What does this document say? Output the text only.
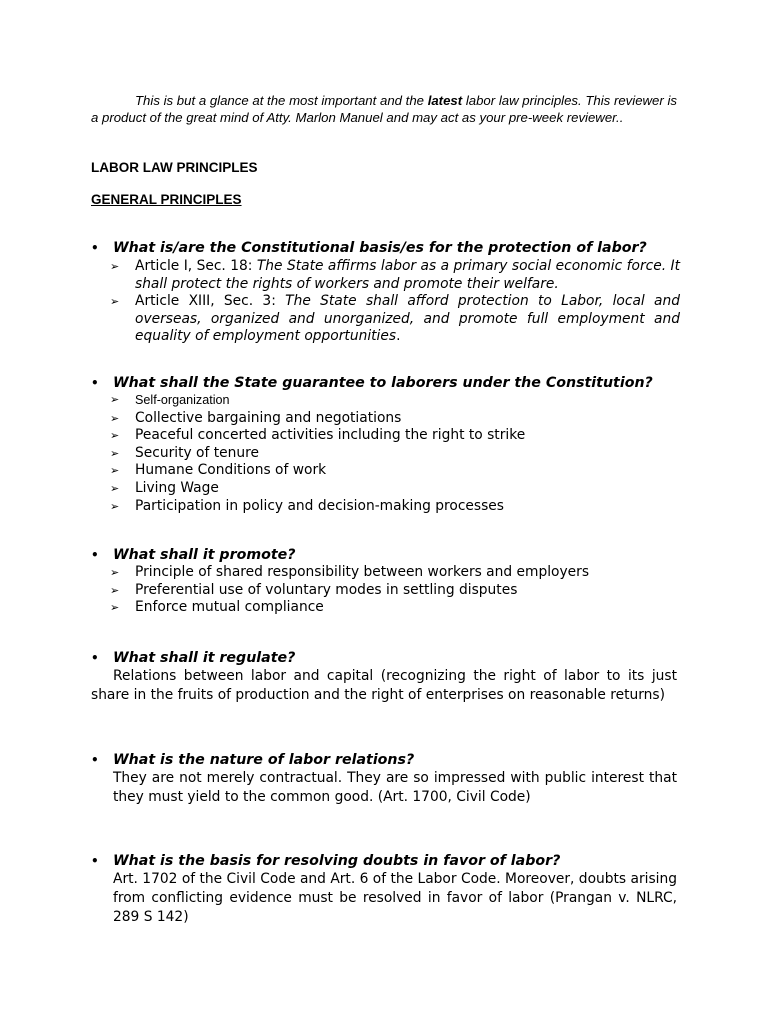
This is but a glance at the most important and the latest labor law principles. This reviewer is a product of the great mind of Atty. Marlon Manuel and may act as your pre-week reviewer..

LABOR LAW PRINCIPLES

GENERAL PRINCIPLES

• What is/are the Constitutional basis/es for the protection of labor?

➢ Article I, Sec. 18: The State affirms labor as a primary social economic force. It shall protect the rights of workers and promote their welfare.
➢ Article XIII, Sec. 3: The State shall afford protection to Labor, local and overseas, organized and unorganized, and promote full employment and equality of employment opportunities.

• What shall the State guarantee to laborers under the Constitution?

➢ Self-organization
➢ Collective bargaining and negotiations
➢ Peaceful concerted activities including the right to strike
➢ Security of tenure
➢ Humane Conditions of work
➢ Living Wage
➢ Participation in policy and decision-making processes

• What shall it promote?

➢ Principle of shared responsibility between workers and employers
➢ Preferential use of voluntary modes in settling disputes
➢ Enforce mutual compliance

• What shall it regulate?

Relations between labor and capital (recognizing the right of labor to its just share in the fruits of production and the right of enterprises on reasonable returns)

• What is the nature of labor relations?

They are not merely contractual. They are so impressed with public interest that they must yield to the common good. (Art. 1700, Civil Code)

• What is the basis for resolving doubts in favor of labor?

Art. 1702 of the Civil Code and Art. 6 of the Labor Code. Moreover, doubts arising from conflicting evidence must be resolved in favor of labor (Prangan v. NLRC, 289 S 142)
